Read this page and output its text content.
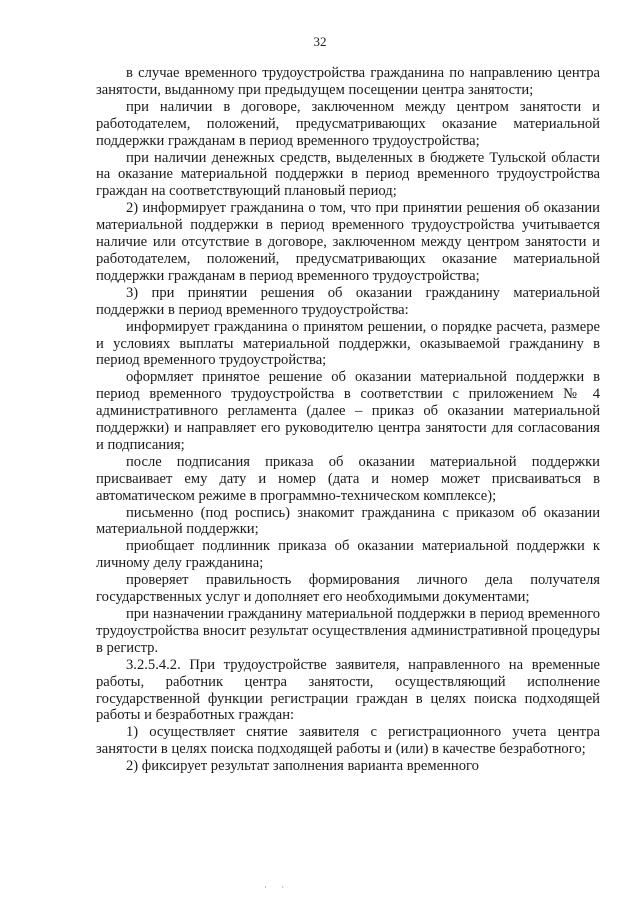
32

в случае временного трудоустройства гражданина по направлению центра занятости, выданному при предыдущем посещении центра занятости;

при наличии в договоре, заключенном между центром занятости и работодателем, положений, предусматривающих оказание материальной поддержки гражданам в период временного трудоустройства;

при наличии денежных средств, выделенных в бюджете Тульской области на оказание материальной поддержки в период временного трудоустройства граждан на соответствующий плановый период;

2) информирует гражданина о том, что при принятии решения об оказании материальной поддержки в период временного трудоустройства учитывается наличие или отсутствие в договоре, заключенном между центром занятости и работодателем, положений, предусматривающих оказание материальной поддержки гражданам в период временного трудоустройства;

3) при принятии решения об оказании гражданину материальной поддержки в период временного трудоустройства:

информирует гражданина о принятом решении, о порядке расчета, размере и условиях выплаты материальной поддержки, оказываемой гражданину в период временного трудоустройства;

оформляет принятое решение об оказании материальной поддержки в период временного трудоустройства в соответствии с приложением № 4 административного регламента (далее – приказ об оказании материальной поддержки) и направляет его руководителю центра занятости для согласования и подписания;

после подписания приказа об оказании материальной поддержки присваивает ему дату и номер (дата и номер может присваиваться в автоматическом режиме в программно-техническом комплексе);

письменно (под роспись) знакомит гражданина с приказом об оказании материальной поддержки;

приобщает подлинник приказа об оказании материальной поддержки к личному делу гражданина;

проверяет правильность формирования личного дела получателя государственных услуг и дополняет его необходимыми документами;

при назначении гражданину материальной поддержки в период временного трудоустройства вносит результат осуществления административной процедуры в регистр.

3.2.5.4.2. При трудоустройстве заявителя, направленного на временные работы, работник центра занятости, осуществляющий исполнение государственной функции регистрации граждан в целях поиска подходящей работы и безработных граждан:

1) осуществляет снятие заявителя с регистрационного учета центра занятости в целях поиска подходящей работы и (или) в качестве безработного;

2) фиксирует результат заполнения варианта временного

· ·
